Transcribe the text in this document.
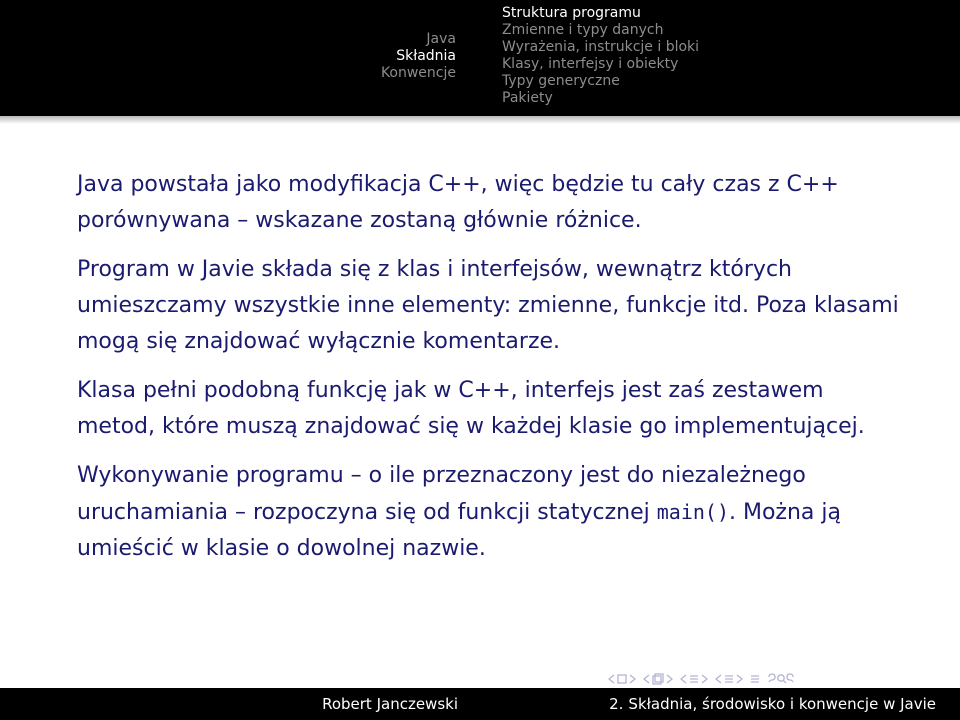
Java
Składnia
Konwencje
Struktura programu
Zmienne i typy danych
Wyrażenia, instrukcje i bloki
Klasy, interfejsy i obiekty
Typy generyczne
Pakiety

Java powstała jako modyfikacja C++, więc będzie tu cały czas z C++ porównywana – wskazane zostaną głównie różnice.

Program w Javie składa się z klas i interfejsów, wewnątrz których umieszczamy wszystkie inne elementy: zmienne, funkcje itd. Poza klasami mogą się znajdować wyłącznie komentarze.

Klasa pełni podobną funkcję jak w C++, interfejs jest zaś zestawem metod, które muszą znajdować się w każdej klasie go implementującej.

Wykonywanie programu – o ile przeznaczony jest do niezależnego uruchamiania – rozpoczyna się od funkcji statycznej main(). Można ją umieścić w klasie o dowolnej nazwie.

Robert Janczewski	2. Składnia, środowisko i konwencje w Javie
